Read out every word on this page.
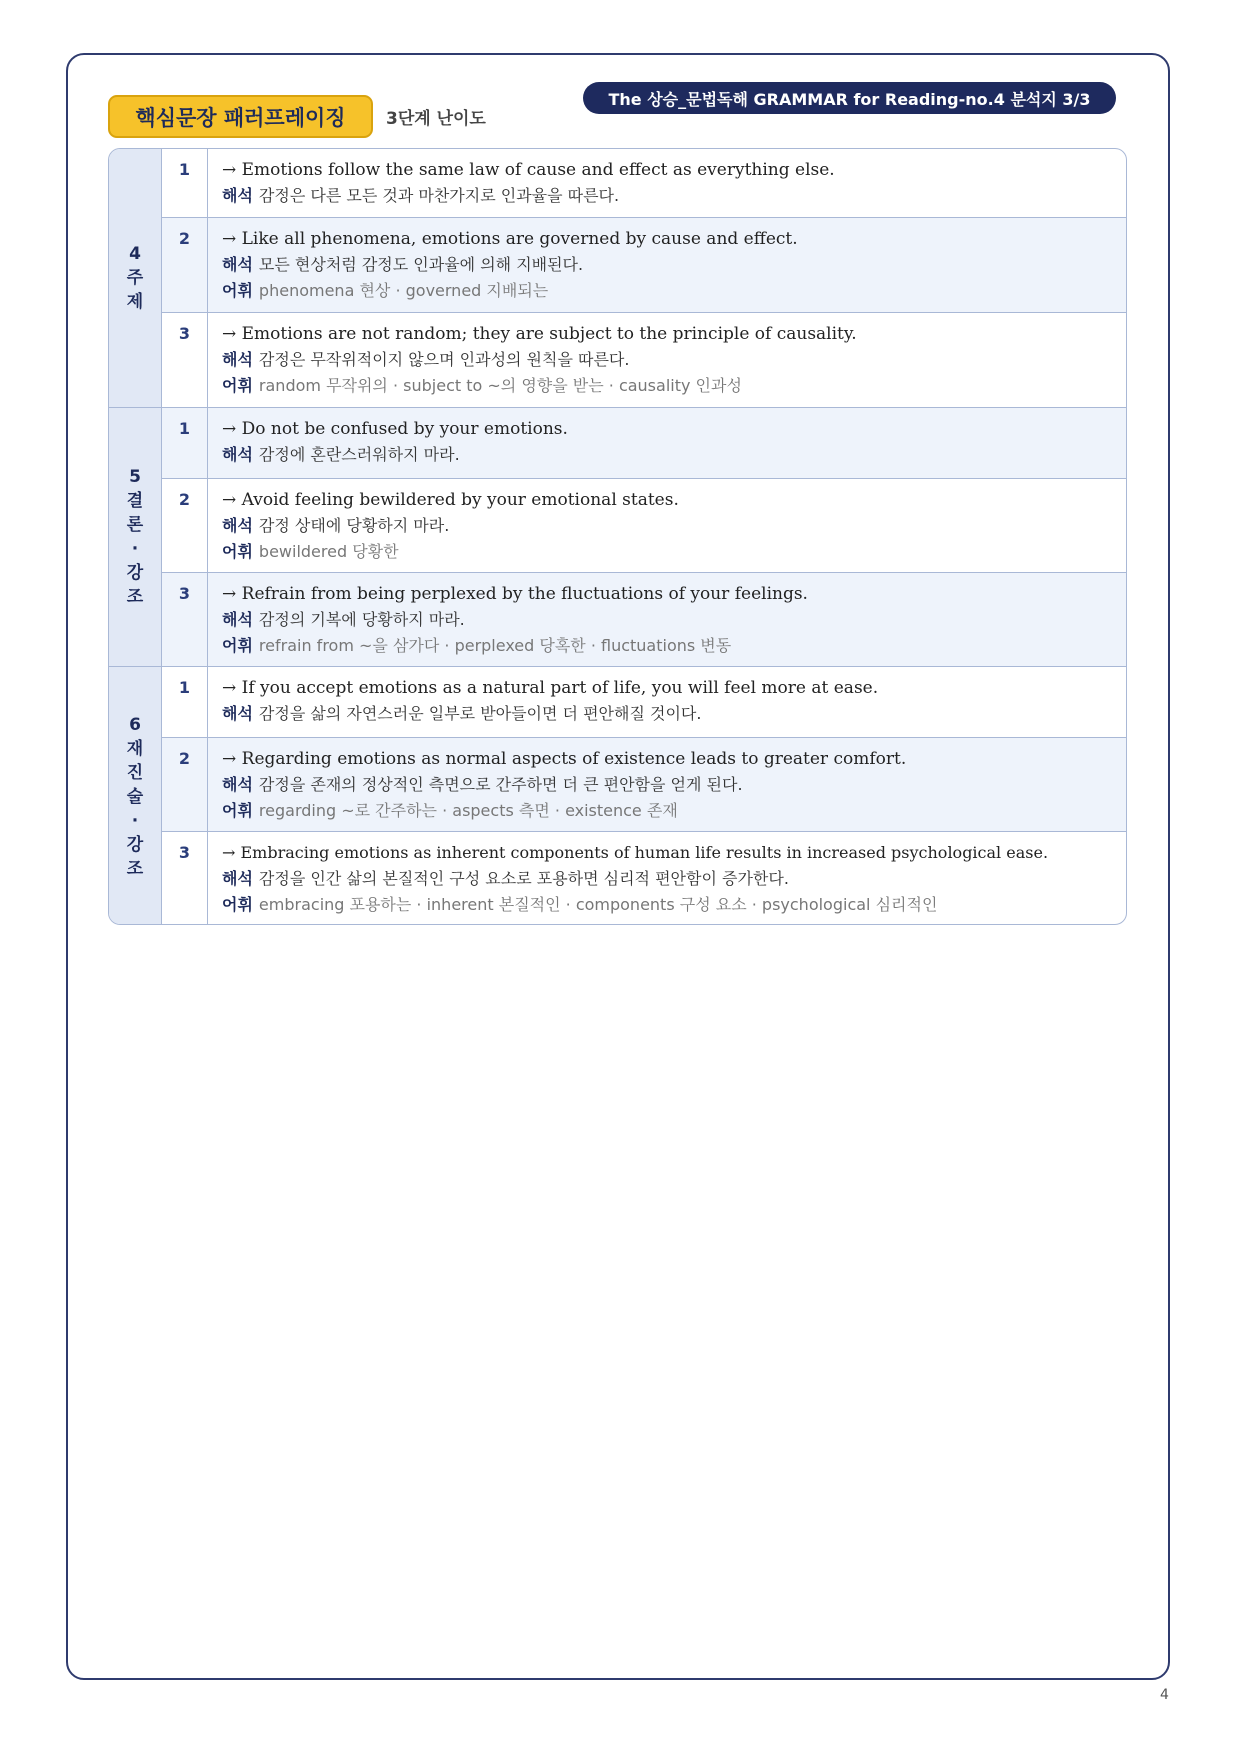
핵심문장 패러프레이징	3단계 난이도
The 상승_문법독해 GRAMMAR for Reading-no.4 분석지 3/3
4주제
1	→ Emotions follow the same law of cause and effect as everything else.
해석 감정은 다른 모든 것과 마찬가지로 인과율을 따른다.
2	→ Like all phenomena, emotions are governed by cause and effect.
해석 모든 현상처럼 감정도 인과율에 의해 지배된다.
어휘 phenomena 현상 · governed 지배되는
3	→ Emotions are not random; they are subject to the principle of causality.
해석 감정은 무작위적이지 않으며 인과성의 원칙을 따른다.
어휘 random 무작위의 · subject to ~의 영향을 받는 · causality 인과성
5결론·강조
1	→ Do not be confused by your emotions.
해석 감정에 혼란스러워하지 마라.
2	→ Avoid feeling bewildered by your emotional states.
해석 감정 상태에 당황하지 마라.
어휘 bewildered 당황한
3	→ Refrain from being perplexed by the fluctuations of your feelings.
해석 감정의 기복에 당황하지 마라.
어휘 refrain from ~을 삼가다 · perplexed 당혹한 · fluctuations 변동
6재진술·강조
1	→ If you accept emotions as a natural part of life, you will feel more at ease.
해석 감정을 삶의 자연스러운 일부로 받아들이면 더 편안해질 것이다.
2	→ Regarding emotions as normal aspects of existence leads to greater comfort.
해석 감정을 존재의 정상적인 측면으로 간주하면 더 큰 편안함을 얻게 된다.
어휘 regarding ~로 간주하는 · aspects 측면 · existence 존재
3	→ Embracing emotions as inherent components of human life results in increased psychological ease.
해석 감정을 인간 삶의 본질적인 구성 요소로 포용하면 심리적 편안함이 증가한다.
어휘 embracing 포용하는 · inherent 본질적인 · components 구성 요소 · psychological 심리적인
4
